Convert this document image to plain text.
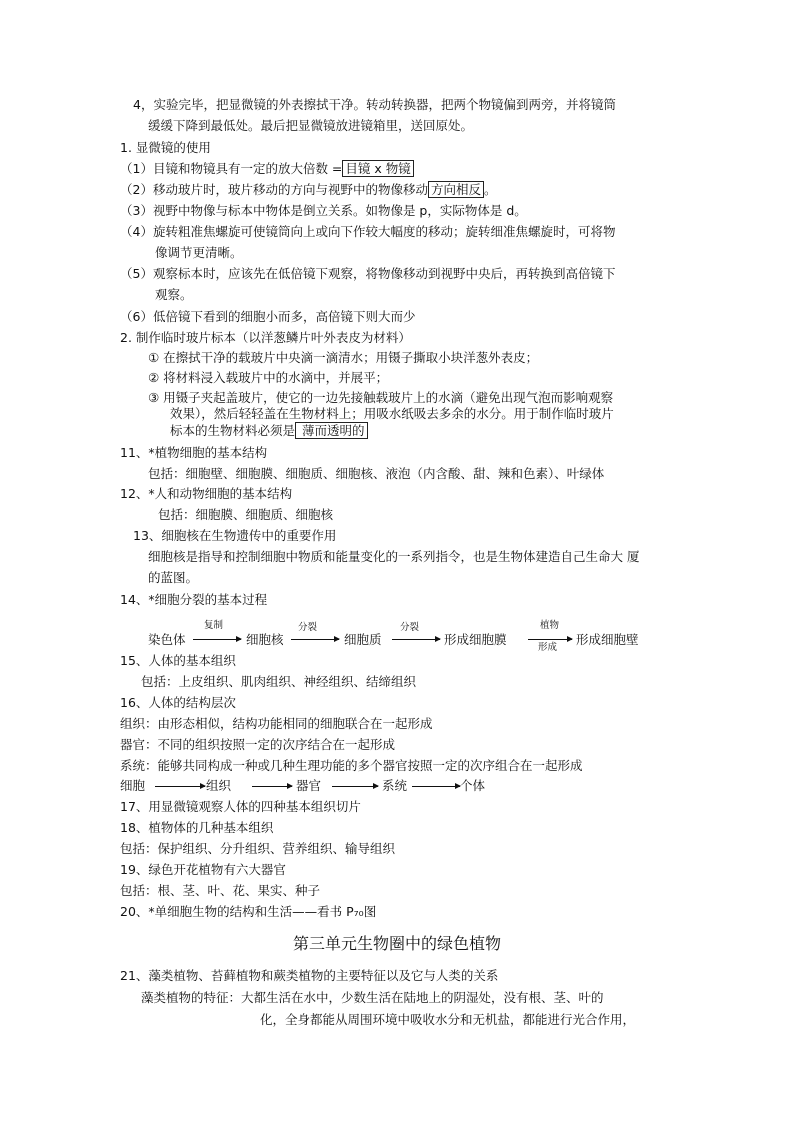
4，实验完毕，把显微镜的外表擦拭干净。转动转换器，把两个物镜偏到两旁，并将镜筒
缓缓下降到最低处。最后把显微镜放进镜箱里，送回原处。
1. 显微镜的使用
（1）目镜和物镜具有一定的放大倍数 = 目镜 x 物镜
（2）移动玻片时，玻片移动的方向与视野中的物像移动 方向相反 。
（3）视野中物像与标本中物体是倒立关系。如物像是 p，实际物体是 d。
（4）旋转粗准焦螺旋可使镜筒向上或向下作较大幅度的移动；旋转细准焦螺旋时，可将物
像调节更清晰。
（5）观察标本时，应该先在低倍镜下观察，将物像移动到视野中央后，再转换到高倍镜下
观察。
（6）低倍镜下看到的细胞小而多，高倍镜下则大而少
2. 制作临时玻片标本（以洋葱鳞片叶外表皮为材料）
① 在擦拭干净的载玻片中央滴一滴清水；用镊子撕取小块洋葱外表皮；
② 将材料浸入载玻片中的水滴中，并展平；
③ 用镊子夹起盖玻片，使它的一边先接触载玻片上的水滴（避免出现气泡而影响观察
效果），然后轻轻盖在生物材料上；用吸水纸吸去多余的水分。用于制作临时玻片
标本的生物材料必须是 薄而透明的
11、*植物细胞的基本结构
包括：细胞壁、细胞膜、细胞质、细胞核、液泡（内含酸、甜、辣和色素）、叶绿体
12、*人和动物细胞的基本结构
包括：细胞膜、细胞质、细胞核
13、细胞核在生物遗传中的重要作用
细胞核是指导和控制细胞中物质和能量变化的一系列指令，也是生物体建造自己生命大 厦
的蓝图。
14、*细胞分裂的基本过程
染色体
复制
细胞核
分裂
细胞质
分裂
形成细胞膜
植物
形成
形成细胞壁
15、人体的基本组织
包括：上皮组织、肌肉组织、神经组织、结缔组织
16、人体的结构层次
组织：由形态相似，结构功能相同的细胞联合在一起形成
器官：不同的组织按照一定的次序结合在一起形成
系统：能够共同构成一种或几种生理功能的多个器官按照一定的次序组合在一起形成
细胞	组织	器官	系统	个体
17、用显微镜观察人体的四种基本组织切片
18、植物体的几种基本组织
包括：保护组织、分升组织、营养组织、输导组织
19、绿色开花植物有六大器官
包括：根、茎、叶、花、果实、种子
20、*单细胞生物的结构和生活——看书 P₇₀图
第三单元生物圈中的绿色植物
21、藻类植物、苔藓植物和蕨类植物的主要特征以及它与人类的关系
藻类植物的特征：大都生活在水中，少数生活在陆地上的阴湿处，没有根、茎、叶的
化，全身都能从周围环境中吸收水分和无机盐，都能进行光合作用，
